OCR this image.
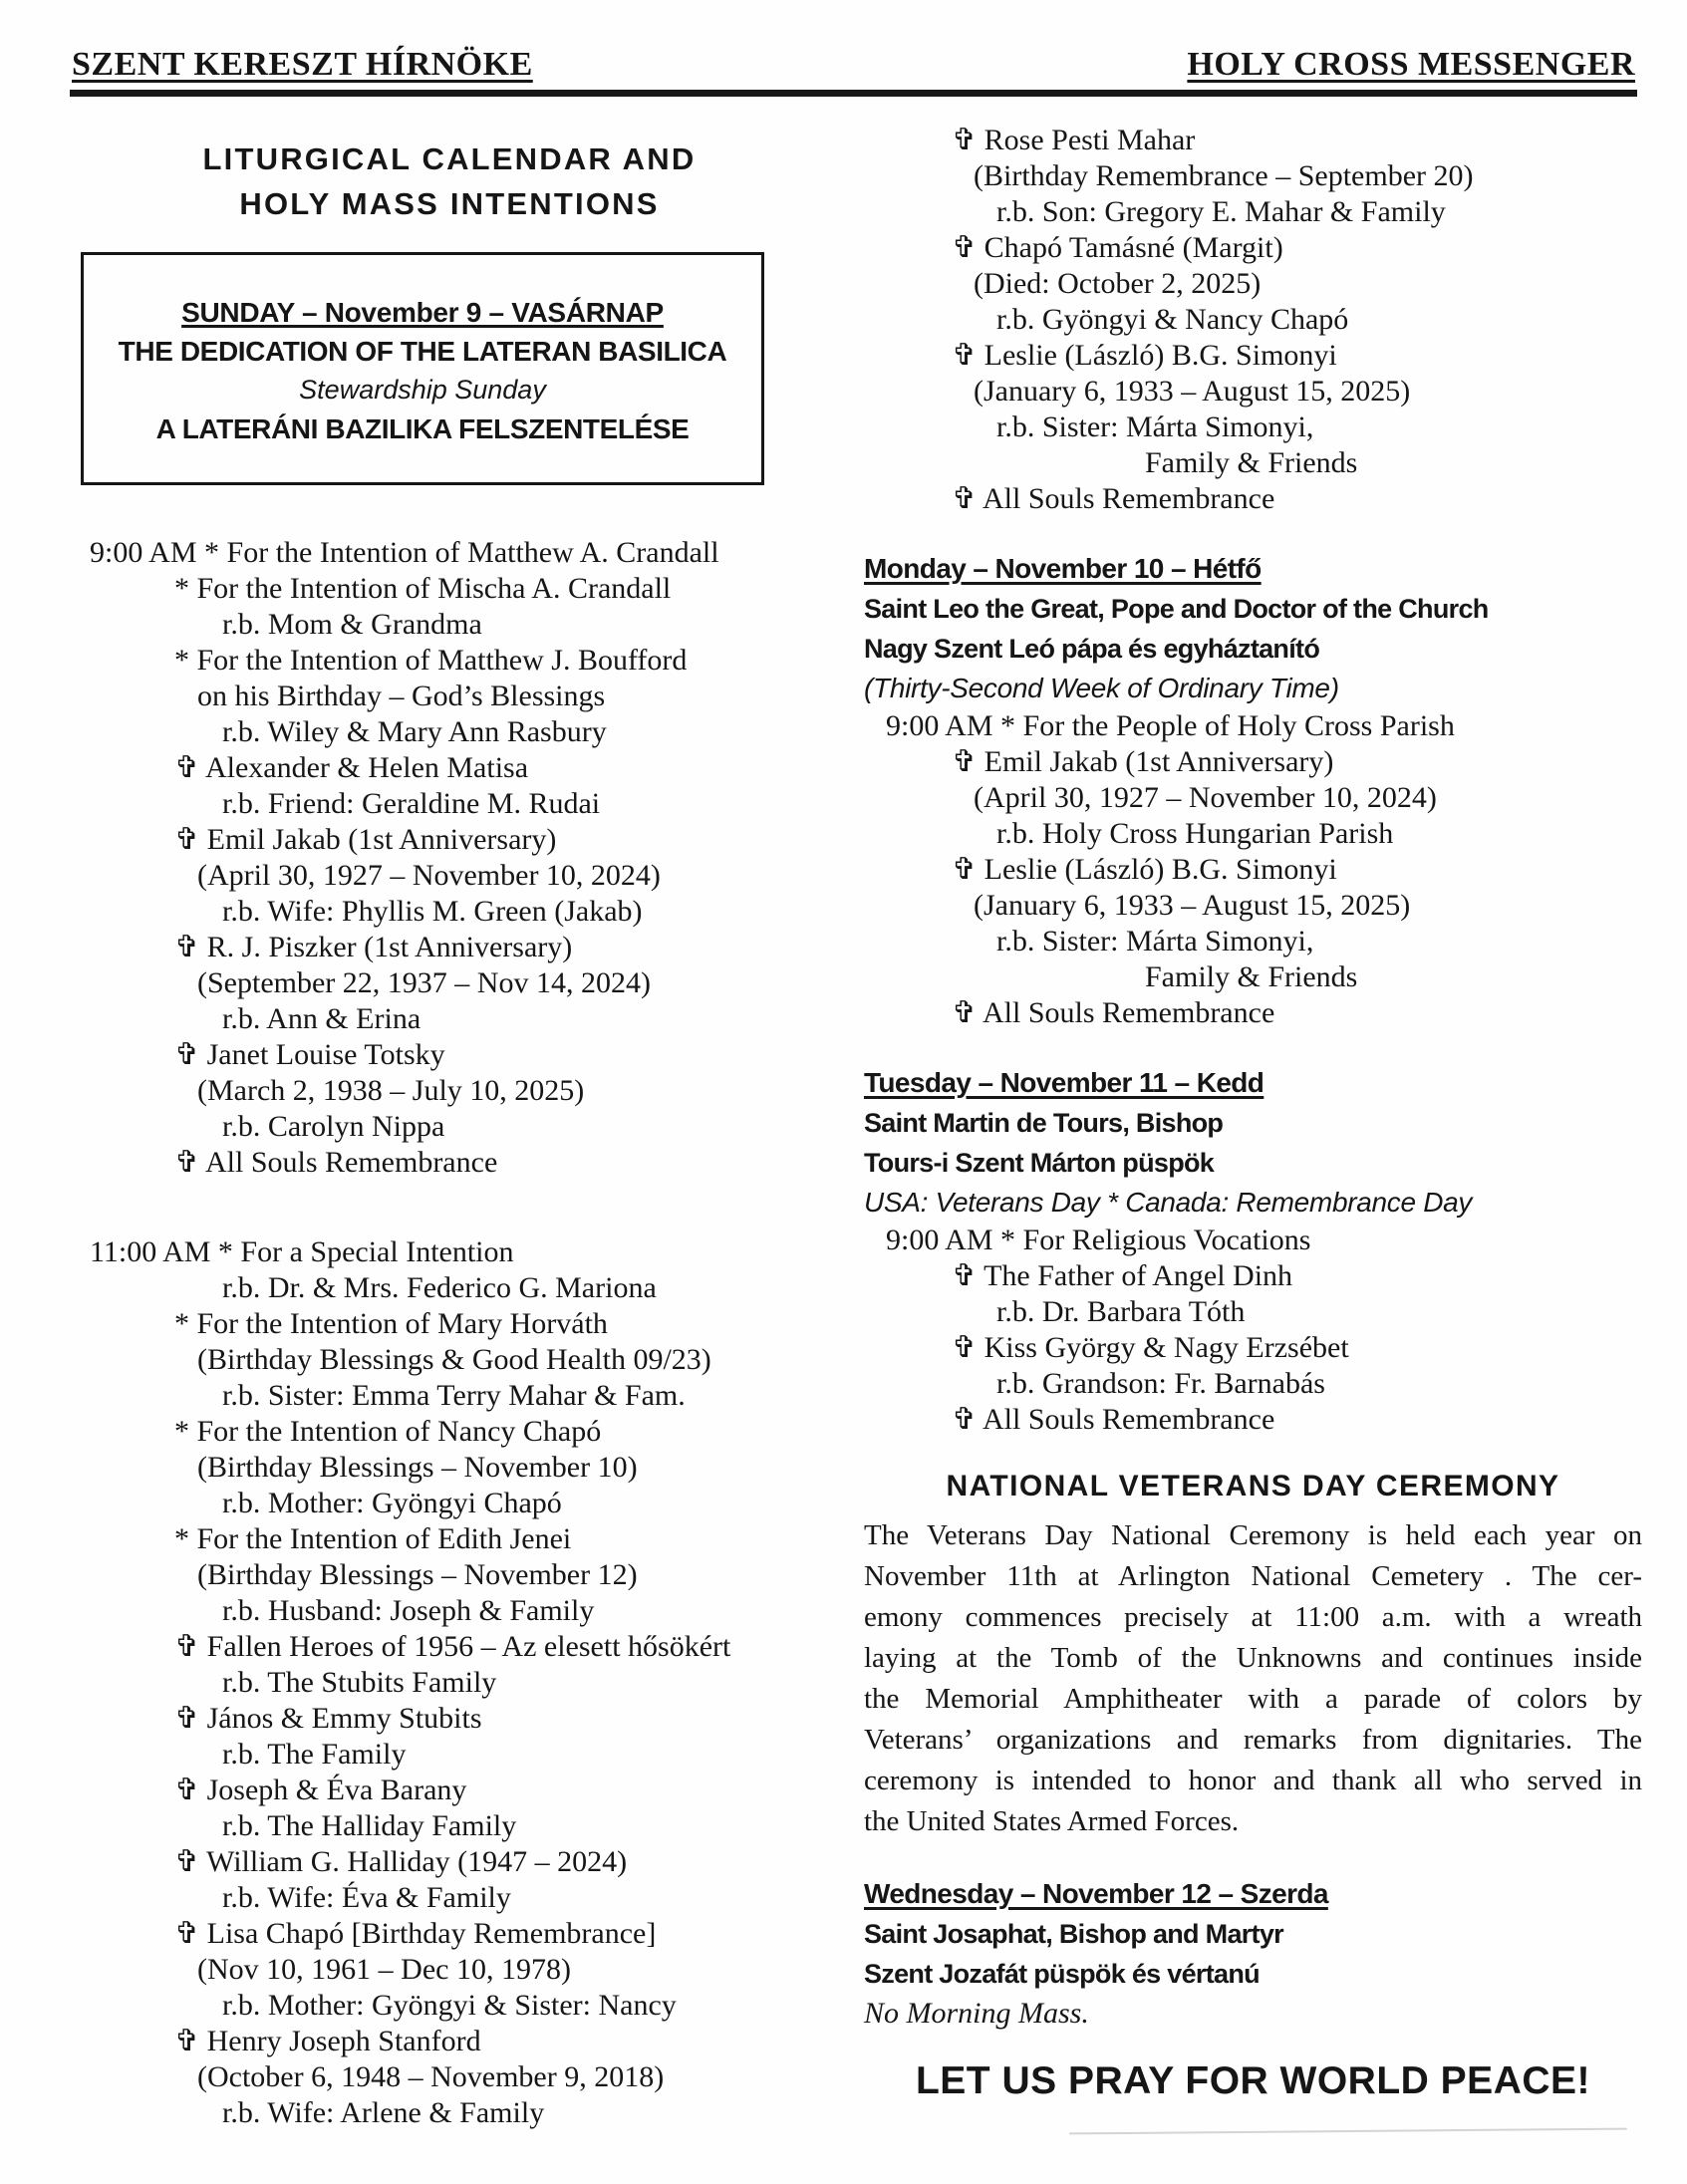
SZENT KERESZT HÍRNÖKE	HOLY CROSS MESSENGER
LITURGICAL CALENDAR AND
HOLY MASS INTENTIONS
SUNDAY – November 9 – VASÁRNAP
THE DEDICATION OF THE LATERAN BASILICA
Stewardship Sunday
A LATERÁNI BAZILIKA FELSZENTELÉSE
9:00 AM * For the Intention of Matthew A. Crandall
* For the Intention of Mischa A. Crandall
r.b. Mom & Grandma
* For the Intention of Matthew J. Boufford
on his Birthday – God’s Blessings
r.b. Wiley & Mary Ann Rasbury
✞ Alexander & Helen Matisa
r.b. Friend: Geraldine M. Rudai
✞ Emil Jakab (1st Anniversary)
(April 30, 1927 – November 10, 2024)
r.b. Wife: Phyllis M. Green (Jakab)
✞ R. J. Piszker (1st Anniversary)
(September 22, 1937 – Nov 14, 2024)
r.b. Ann & Erina
✞ Janet Louise Totsky
(March 2, 1938 – July 10, 2025)
r.b. Carolyn Nippa
✞ All Souls Remembrance
11:00 AM * For a Special Intention
r.b. Dr. & Mrs. Federico G. Mariona
* For the Intention of Mary Horváth
(Birthday Blessings & Good Health 09/23)
r.b. Sister: Emma Terry Mahar & Fam.
* For the Intention of Nancy Chapó
(Birthday Blessings – November 10)
r.b. Mother: Gyöngyi Chapó
* For the Intention of Edith Jenei
(Birthday Blessings – November 12)
r.b. Husband: Joseph & Family
✞ Fallen Heroes of 1956 – Az elesett hősökért
r.b. The Stubits Family
✞ János & Emmy Stubits
r.b. The Family
✞ Joseph & Éva Barany
r.b. The Halliday Family
✞ William G. Halliday (1947 – 2024)
r.b. Wife: Éva & Family
✞ Lisa Chapó [Birthday Remembrance]
(Nov 10, 1961 – Dec 10, 1978)
r.b. Mother: Gyöngyi & Sister: Nancy
✞ Henry Joseph Stanford
(October 6, 1948 – November 9, 2018)
r.b. Wife: Arlene & Family
✞ Rose Pesti Mahar
(Birthday Remembrance – September 20)
r.b. Son: Gregory E. Mahar & Family
✞ Chapó Tamásné (Margit)
(Died: October 2, 2025)
r.b. Gyöngyi & Nancy Chapó
✞ Leslie (László) B.G. Simonyi
(January 6, 1933 – August 15, 2025)
r.b. Sister: Márta Simonyi,
Family & Friends
✞ All Souls Remembrance
Monday – November 10 – Hétfő
Saint Leo the Great, Pope and Doctor of the Church
Nagy Szent Leó pápa és egyháztanító
(Thirty-Second Week of Ordinary Time)
9:00 AM * For the People of Holy Cross Parish
✞ Emil Jakab (1st Anniversary)
(April 30, 1927 – November 10, 2024)
r.b. Holy Cross Hungarian Parish
✞ Leslie (László) B.G. Simonyi
(January 6, 1933 – August 15, 2025)
r.b. Sister: Márta Simonyi,
Family & Friends
✞ All Souls Remembrance
Tuesday – November 11 – Kedd
Saint Martin de Tours, Bishop
Tours-i Szent Márton püspök
USA: Veterans Day * Canada: Remembrance Day
9:00 AM * For Religious Vocations
✞ The Father of Angel Dinh
r.b. Dr. Barbara Tóth
✞ Kiss György & Nagy Erzsébet
r.b. Grandson: Fr. Barnabás
✞ All Souls Remembrance
NATIONAL VETERANS DAY CEREMONY
The Veterans Day National Ceremony is held each year on
November 11th at Arlington National Cemetery . The cer-
emony commences precisely at 11:00 a.m. with a wreath
laying at the Tomb of the Unknowns and continues inside
the Memorial Amphitheater with a parade of colors by
Veterans’ organizations and remarks from dignitaries. The
ceremony is intended to honor and thank all who served in
the United States Armed Forces.
Wednesday – November 12 – Szerda
Saint Josaphat, Bishop and Martyr
Szent Jozafát püspök és vértanú
No Morning Mass.
LET US PRAY FOR WORLD PEACE!
